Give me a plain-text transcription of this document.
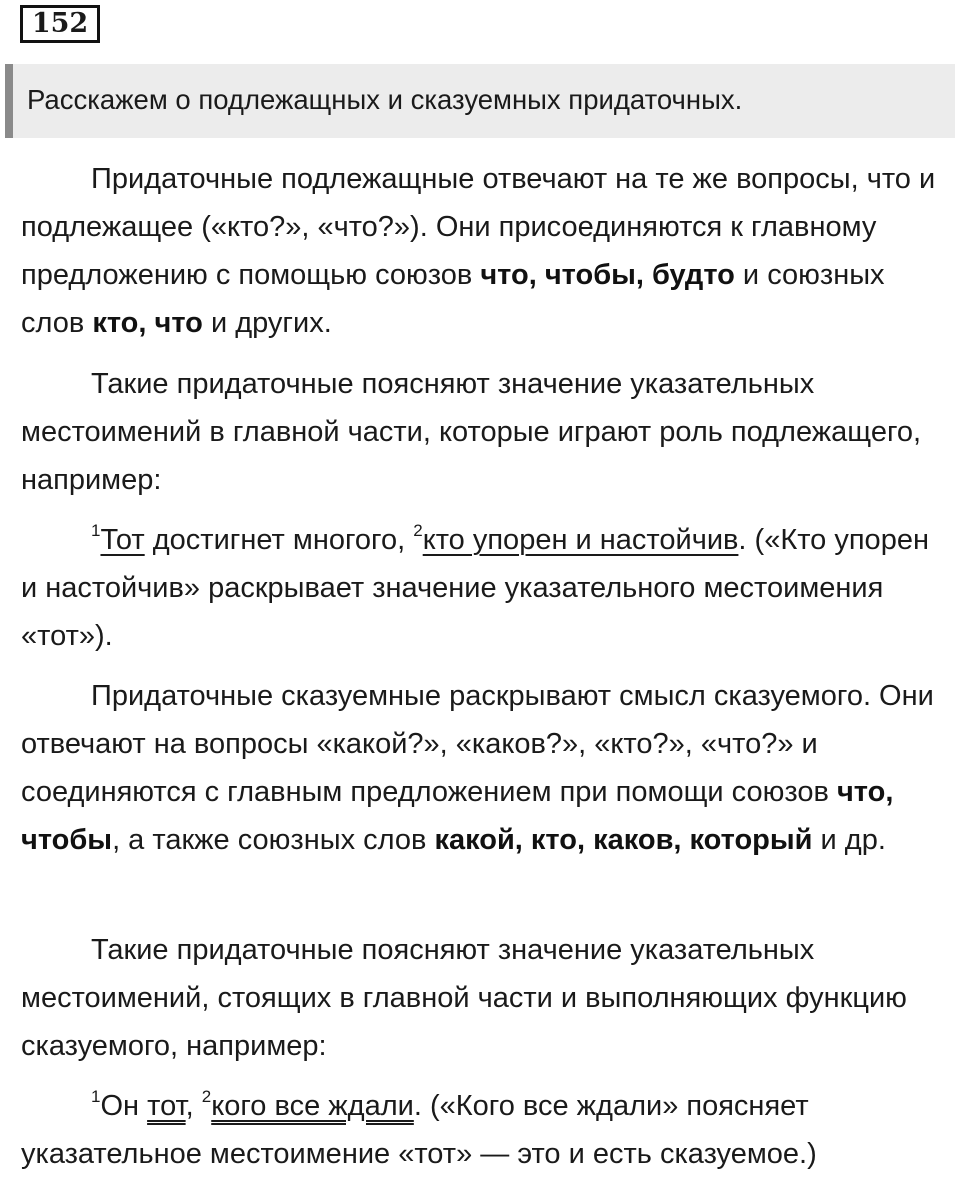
152
Расскажем о подлежащных и сказуемных придаточных.

Придаточные подлежащные отвечают на те же вопросы, что и подлежащее («кто?», «что?»). Они присоединяются к главному предложению с помощью союзов что, чтобы, будто и союзных слов кто, что и других.

Такие придаточные поясняют значение указательных местоимений в главной части, которые играют роль подлежащего, например:

$^1$Тот достигнет многого, $^2$кто упорен и настойчив. («Кто упорен и настойчив» раскрывает значение указательного местоимения «тот»).

Придаточные сказуемные раскрывают смысл сказуемого. Они отвечают на вопросы «какой?», «каков?», «кто?», «что?» и соединяются с главным предложением при помощи союзов что, чтобы, а также союзных слов какой, кто, каков, который и др.

Такие придаточные поясняют значение указательных местоимений, стоящих в главной части и выполняющих функцию сказуемого, например:

$^1$Он тот, $^2$кого все ждали. («Кого все ждали» поясняет указательное местоимение «тот» — это и есть сказуемое.)
